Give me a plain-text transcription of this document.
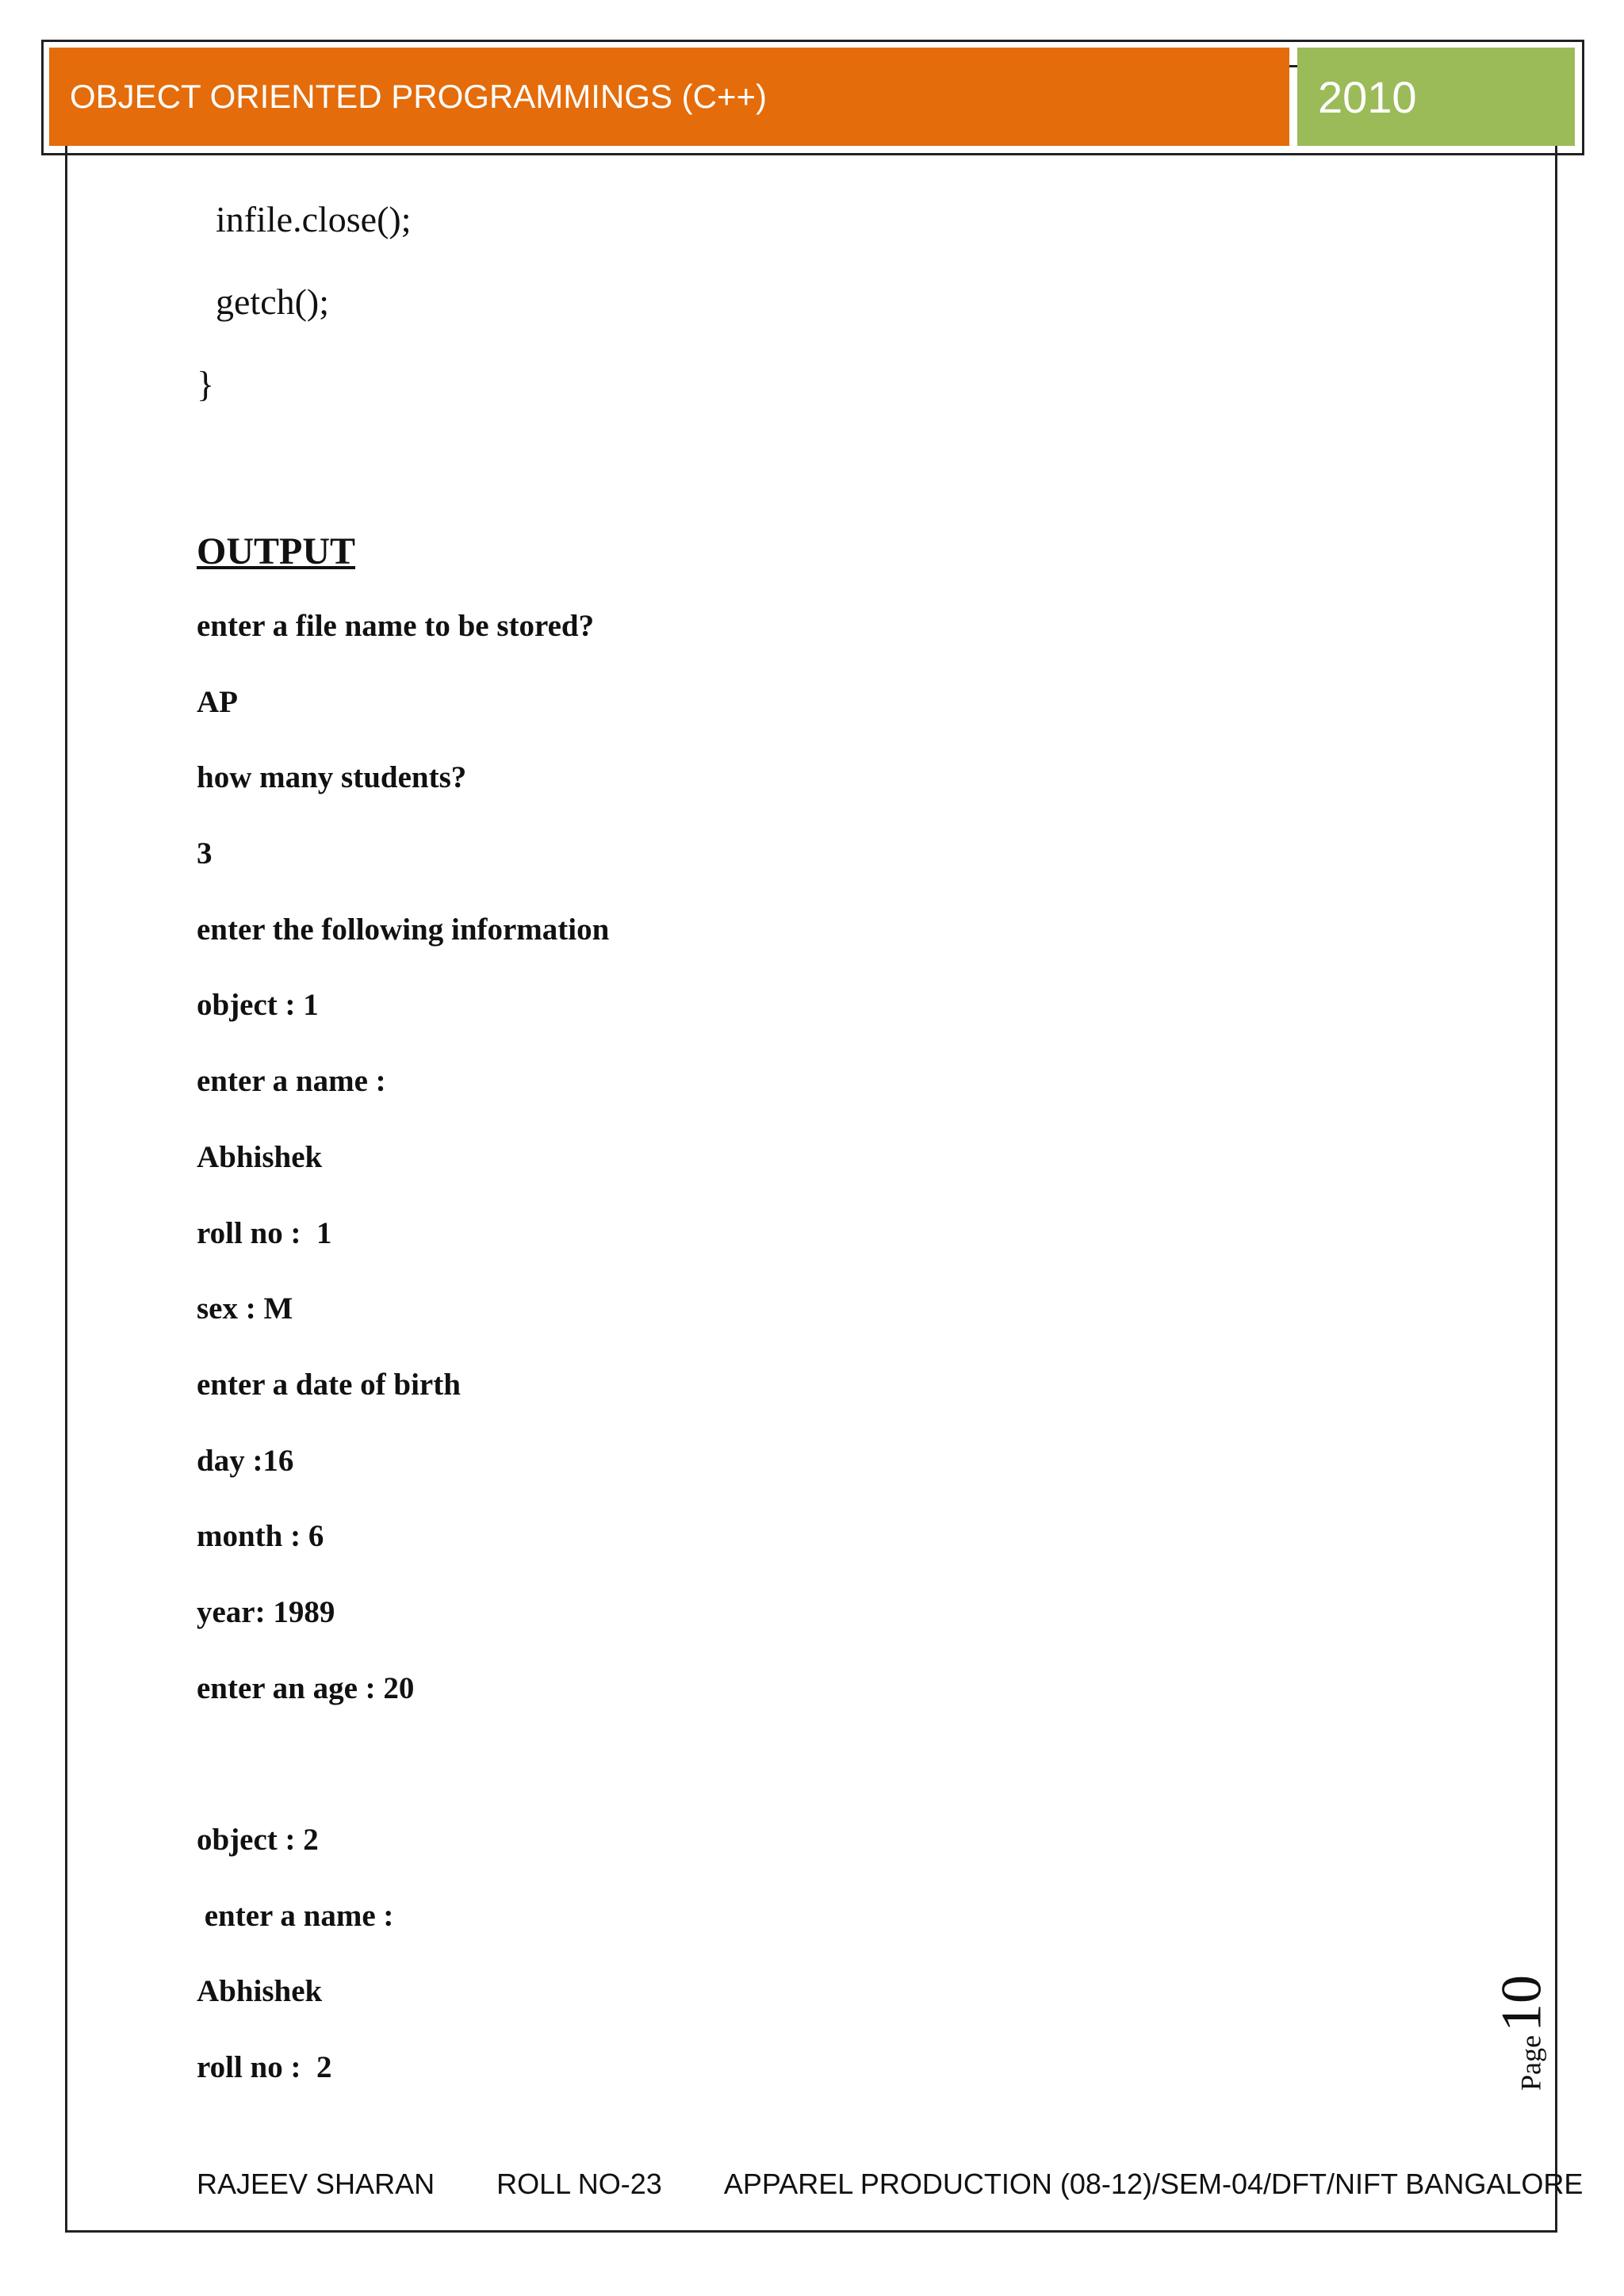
OBJECT ORIENTED PROGRAMMINGS (C++)	2010
infile.close();
getch();
}
OUTPUT
enter a file name to be stored?
AP
how many students?
3
enter the following information
object : 1
enter a name :
Abhishek
roll no :  1
sex : M
enter a date of birth
day :16
month : 6
year: 1989
enter an age : 20
object : 2
enter a name :
Abhishek
roll no :  2	Page
10
RAJEEV SHARAN ROLL NO-23 APPAREL PRODUCTION (08-12)/SEM-04/DFT/NIFT BANGALORE
